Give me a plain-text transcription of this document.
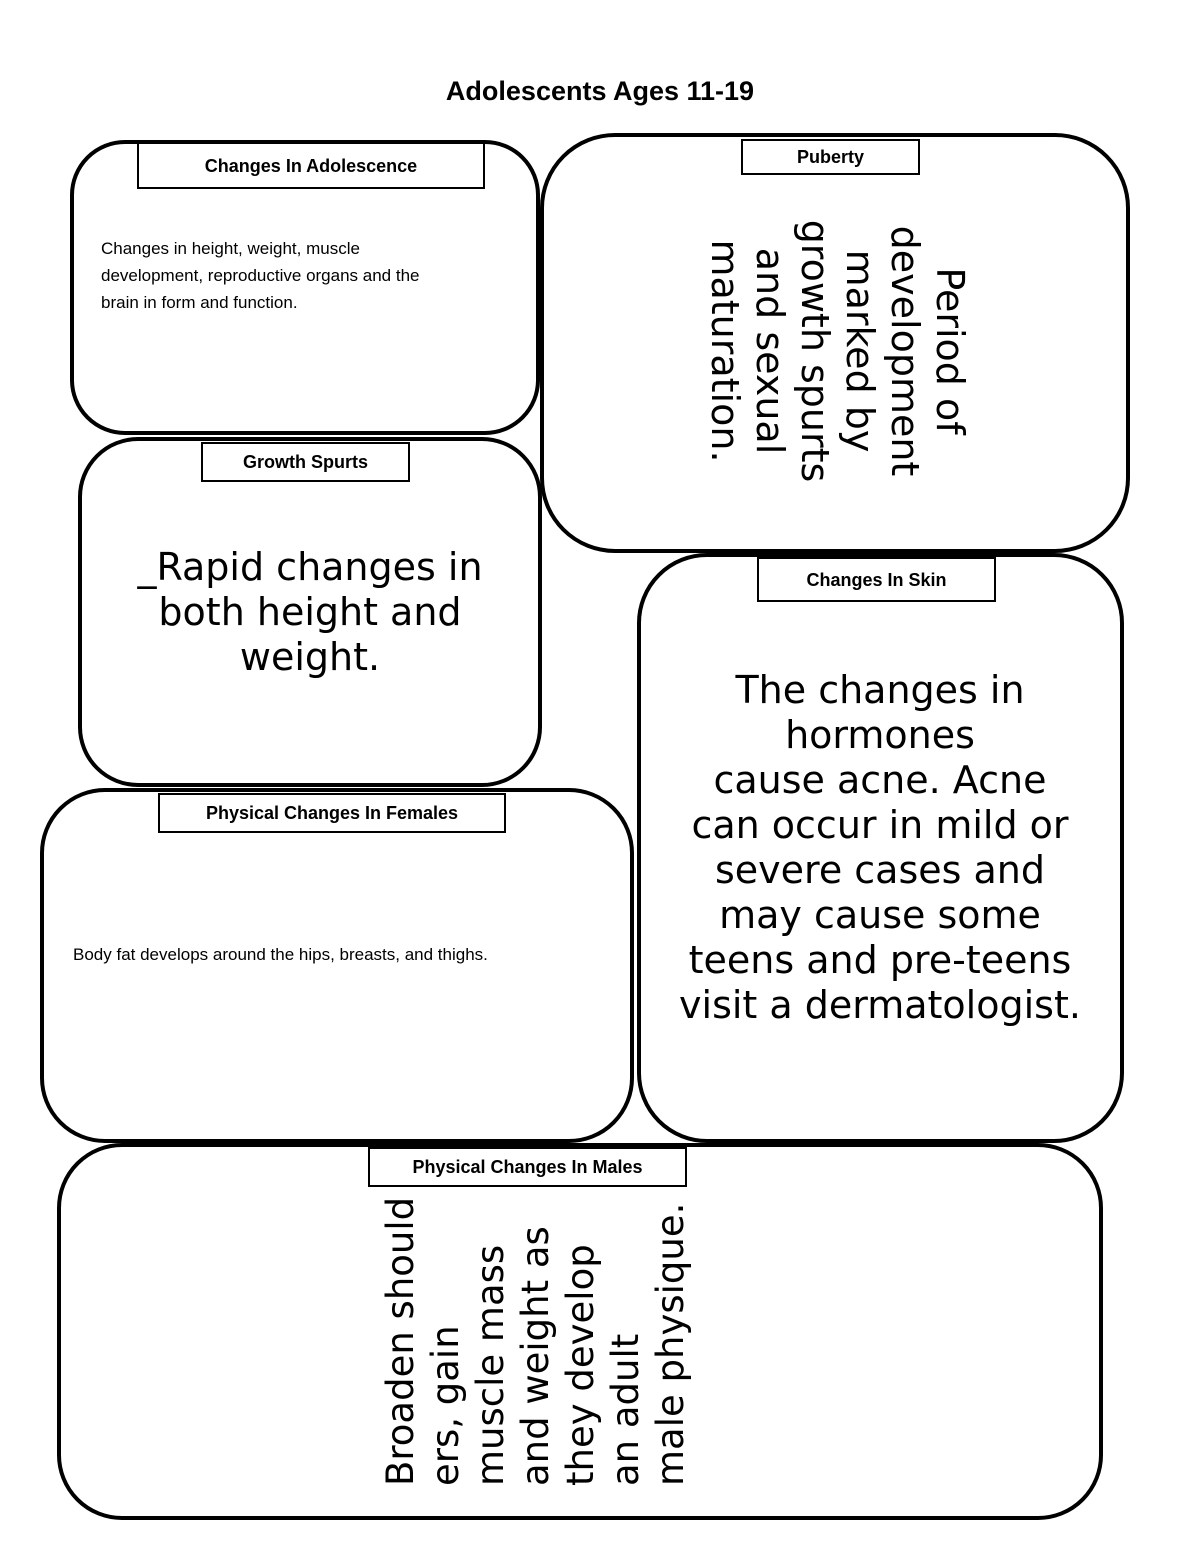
Adolescents Ages 11-19
Changes In Adolescence
Changes in height, weight, muscle
development, reproductive organs and the
brain in form and function.
Puberty
Period of
development
marked by
growth spurts
and sexual
maturation.
Growth Spurts
_Rapid changes in
both height and
weight.
Changes In Skin
The changes in
hormones
cause acne. Acne
can occur in mild or
severe cases and
may cause some
teens and pre-teens
visit a dermatologist.
Physical Changes In Females
Body fat develops around the hips, breasts, and thighs.
Physical Changes In Males
Broaden should ers, gain muscle mass and weight as they develop an adult male physique.
